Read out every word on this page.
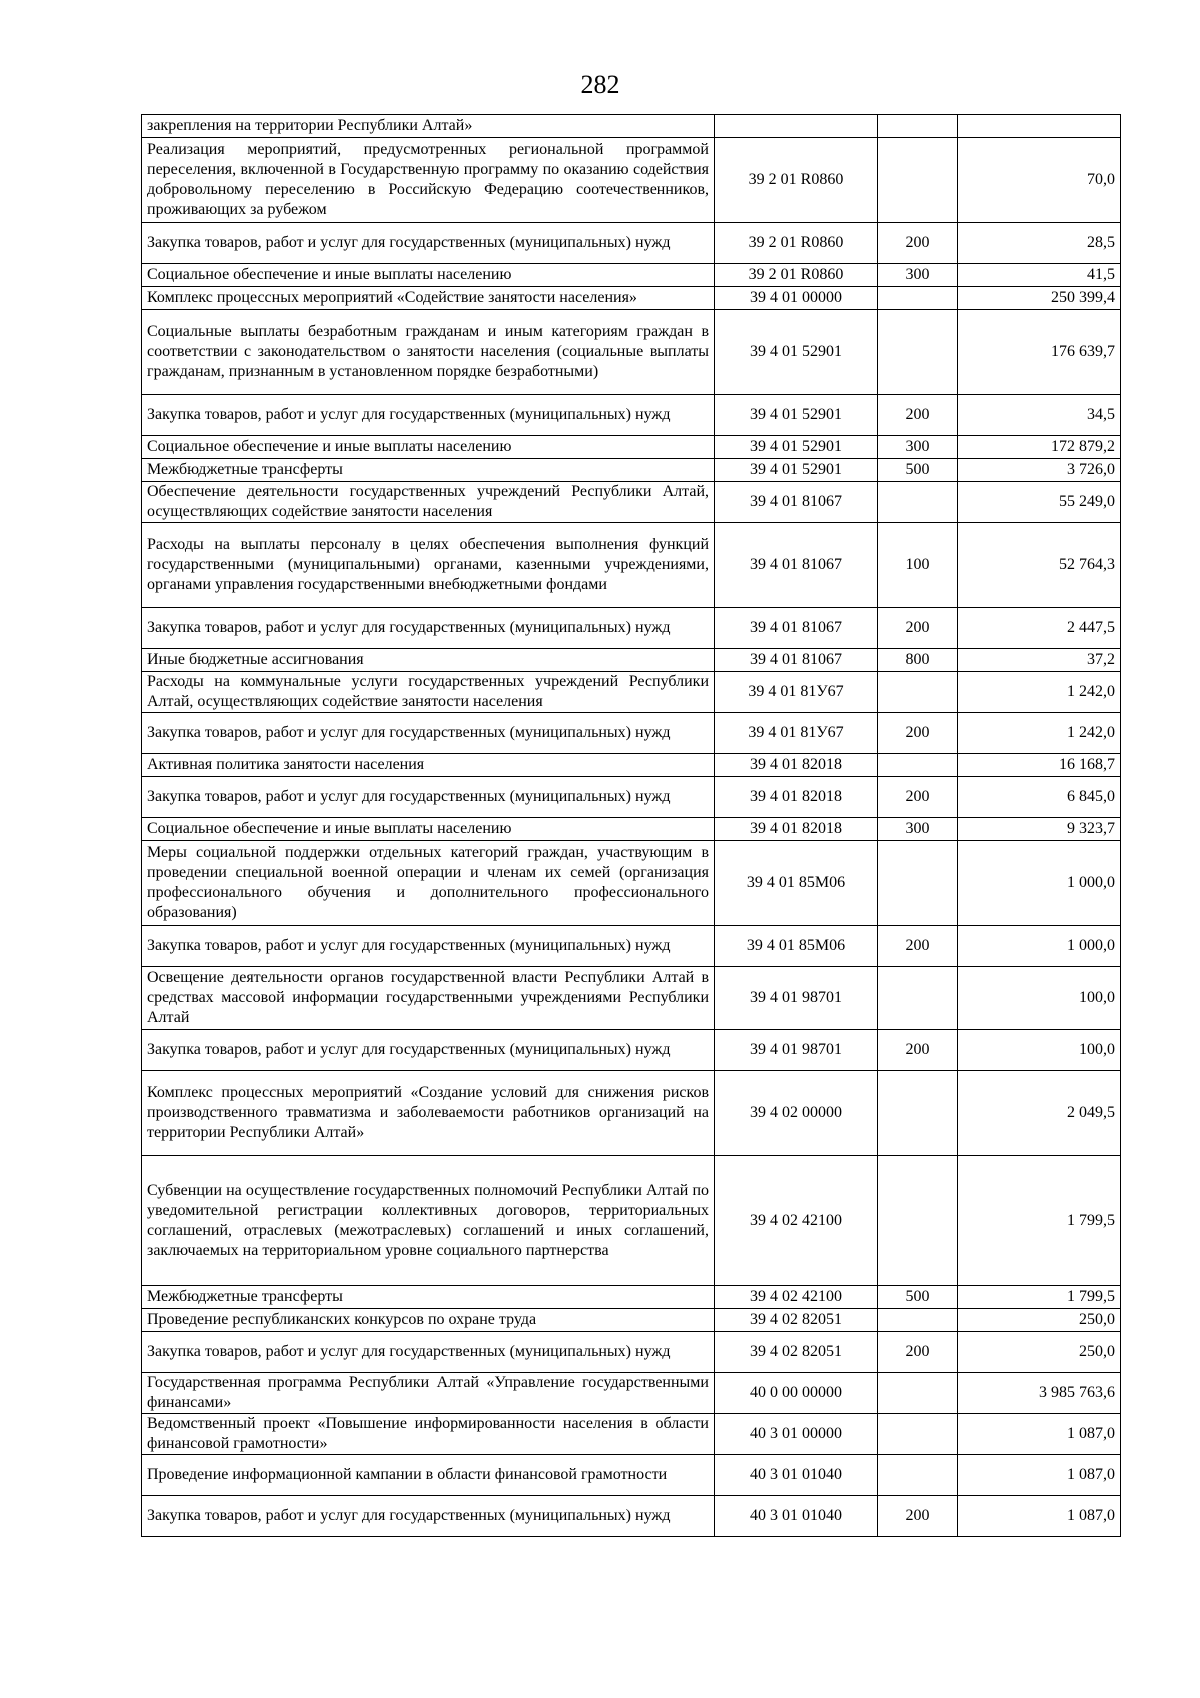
282
закрепления на территории Республики Алтай»			
Реализация мероприятий, предусмотренных региональной программой переселения, включенной в Государственную программу по оказанию содействия добровольному переселению в Российскую Федерацию соотечественников, проживающих за рубежом	39 2 01 R0860		70,0
Закупка товаров, работ и услуг для государственных (муниципальных) нужд	39 2 01 R0860	200	28,5
Социальное обеспечение и иные выплаты населению	39 2 01 R0860	300	41,5
Комплекс процессных мероприятий «Содействие занятости населения»	39 4 01 00000		250 399,4
Социальные выплаты безработным гражданам и иным категориям граждан в соответствии с законодательством о занятости населения (социальные выплаты гражданам, признанным в установленном порядке безработными)	39 4 01 52901		176 639,7
Закупка товаров, работ и услуг для государственных (муниципальных) нужд	39 4 01 52901	200	34,5
Социальное обеспечение и иные выплаты населению	39 4 01 52901	300	172 879,2
Межбюджетные трансферты	39 4 01 52901	500	3 726,0
Обеспечение деятельности государственных учреждений Республики Алтай, осуществляющих содействие занятости населения	39 4 01 81067		55 249,0
Расходы на выплаты персоналу в целях обеспечения выполнения функций государственными (муниципальными) органами, казенными учреждениями, органами управления государственными внебюджетными фондами	39 4 01 81067	100	52 764,3
Закупка товаров, работ и услуг для государственных (муниципальных) нужд	39 4 01 81067	200	2 447,5
Иные бюджетные ассигнования	39 4 01 81067	800	37,2
Расходы на коммунальные услуги государственных учреждений Республики Алтай, осуществляющих содействие занятости населения	39 4 01 81У67		1 242,0
Закупка товаров, работ и услуг для государственных (муниципальных) нужд	39 4 01 81У67	200	1 242,0
Активная политика занятости населения	39 4 01 82018		16 168,7
Закупка товаров, работ и услуг для государственных (муниципальных) нужд	39 4 01 82018	200	6 845,0
Социальное обеспечение и иные выплаты населению	39 4 01 82018	300	9 323,7
Меры социальной поддержки отдельных категорий граждан, участвующим в проведении специальной военной операции и членам их семей (организация профессионального обучения и дополнительного профессионального образования)	39 4 01 85М06		1 000,0
Закупка товаров, работ и услуг для государственных (муниципальных) нужд	39 4 01 85М06	200	1 000,0
Освещение деятельности органов государственной власти Республики Алтай в средствах массовой информации государственными учреждениями Республики Алтай	39 4 01 98701		100,0
Закупка товаров, работ и услуг для государственных (муниципальных) нужд	39 4 01 98701	200	100,0
Комплекс процессных мероприятий «Создание условий для снижения рисков производственного травматизма и заболеваемости работников организаций на территории Республики Алтай»	39 4 02 00000		2 049,5
Субвенции на осуществление государственных полномочий Республики Алтай по уведомительной регистрации коллективных договоров, территориальных соглашений, отраслевых (межотраслевых) соглашений и иных соглашений, заключаемых на территориальном уровне социального партнерства	39 4 02 42100		1 799,5
Межбюджетные трансферты	39 4 02 42100	500	1 799,5
Проведение республиканских конкурсов по охране труда	39 4 02 82051		250,0
Закупка товаров, работ и услуг для государственных (муниципальных) нужд	39 4 02 82051	200	250,0
Государственная программа Республики Алтай «Управление государственными финансами»	40 0 00 00000		3 985 763,6
Ведомственный проект «Повышение информированности населения в области финансовой грамотности»	40 3 01 00000		1 087,0
Проведение информационной кампании в области финансовой грамотности	40 3 01 01040		1 087,0
Закупка товаров, работ и услуг для государственных (муниципальных) нужд	40 3 01 01040	200	1 087,0
